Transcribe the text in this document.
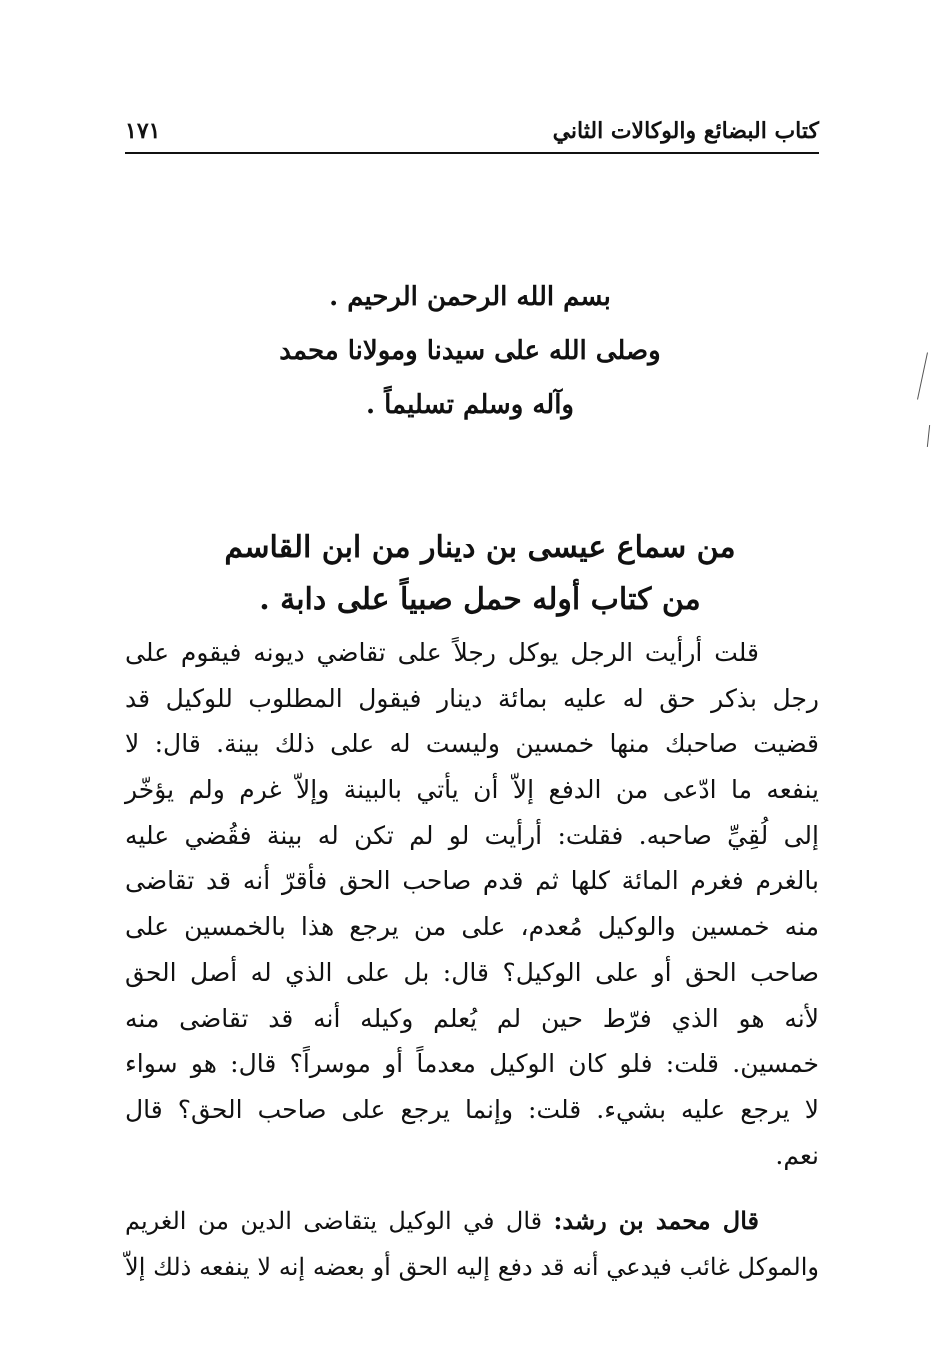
كتاب البضائع والوكالات الثاني
١٧١
بسم الله الرحمن الرحيم .
وصلى الله على سيدنا ومولانا محمد
وآله وسلم تسليماً .
من سماع عيسى بن دينار من ابن القاسم
من كتاب أوله حمل صبياً على دابة .
قلت أرأيت الرجل يوكل رجلاً على تقاضي ديونه فيقوم على
رجل بذكر حق له عليه بمائة دينار فيقول المطلوب للوكيل قد
قضيت صاحبك منها خمسين وليست له على ذلك بينة. قال: لا
ينفعه ما ادّعى من الدفع إلاّ أن يأتي بالبينة وإلاّ غرم ولم يؤخّر
إلى لُقِيِّ صاحبه. فقلت: أرأيت لو لم تكن له بينة فقُضي عليه
بالغرم فغرم المائة كلها ثم قدم صاحب الحق فأقرّ أنه قد تقاضى
منه خمسين والوكيل مُعدم، على من يرجع هذا بالخمسين على
صاحب الحق أو على الوكيل؟ قال: بل على الذي له أصل الحق
لأنه هو الذي فرّط حين لم يُعلم وكيله أنه قد تقاضى منه
خمسين. قلت: فلو كان الوكيل معدماً أو موسراً؟ قال: هو سواء
لا يرجع عليه بشيء. قلت: وإنما يرجع على صاحب الحق؟ قال
نعم.
قال محمد بن رشد: قال في الوكيل يتقاضى الدين من الغريم
والموكل غائب فيدعي أنه قد دفع إليه الحق أو بعضه إنه لا ينفعه ذلك إلاّ
